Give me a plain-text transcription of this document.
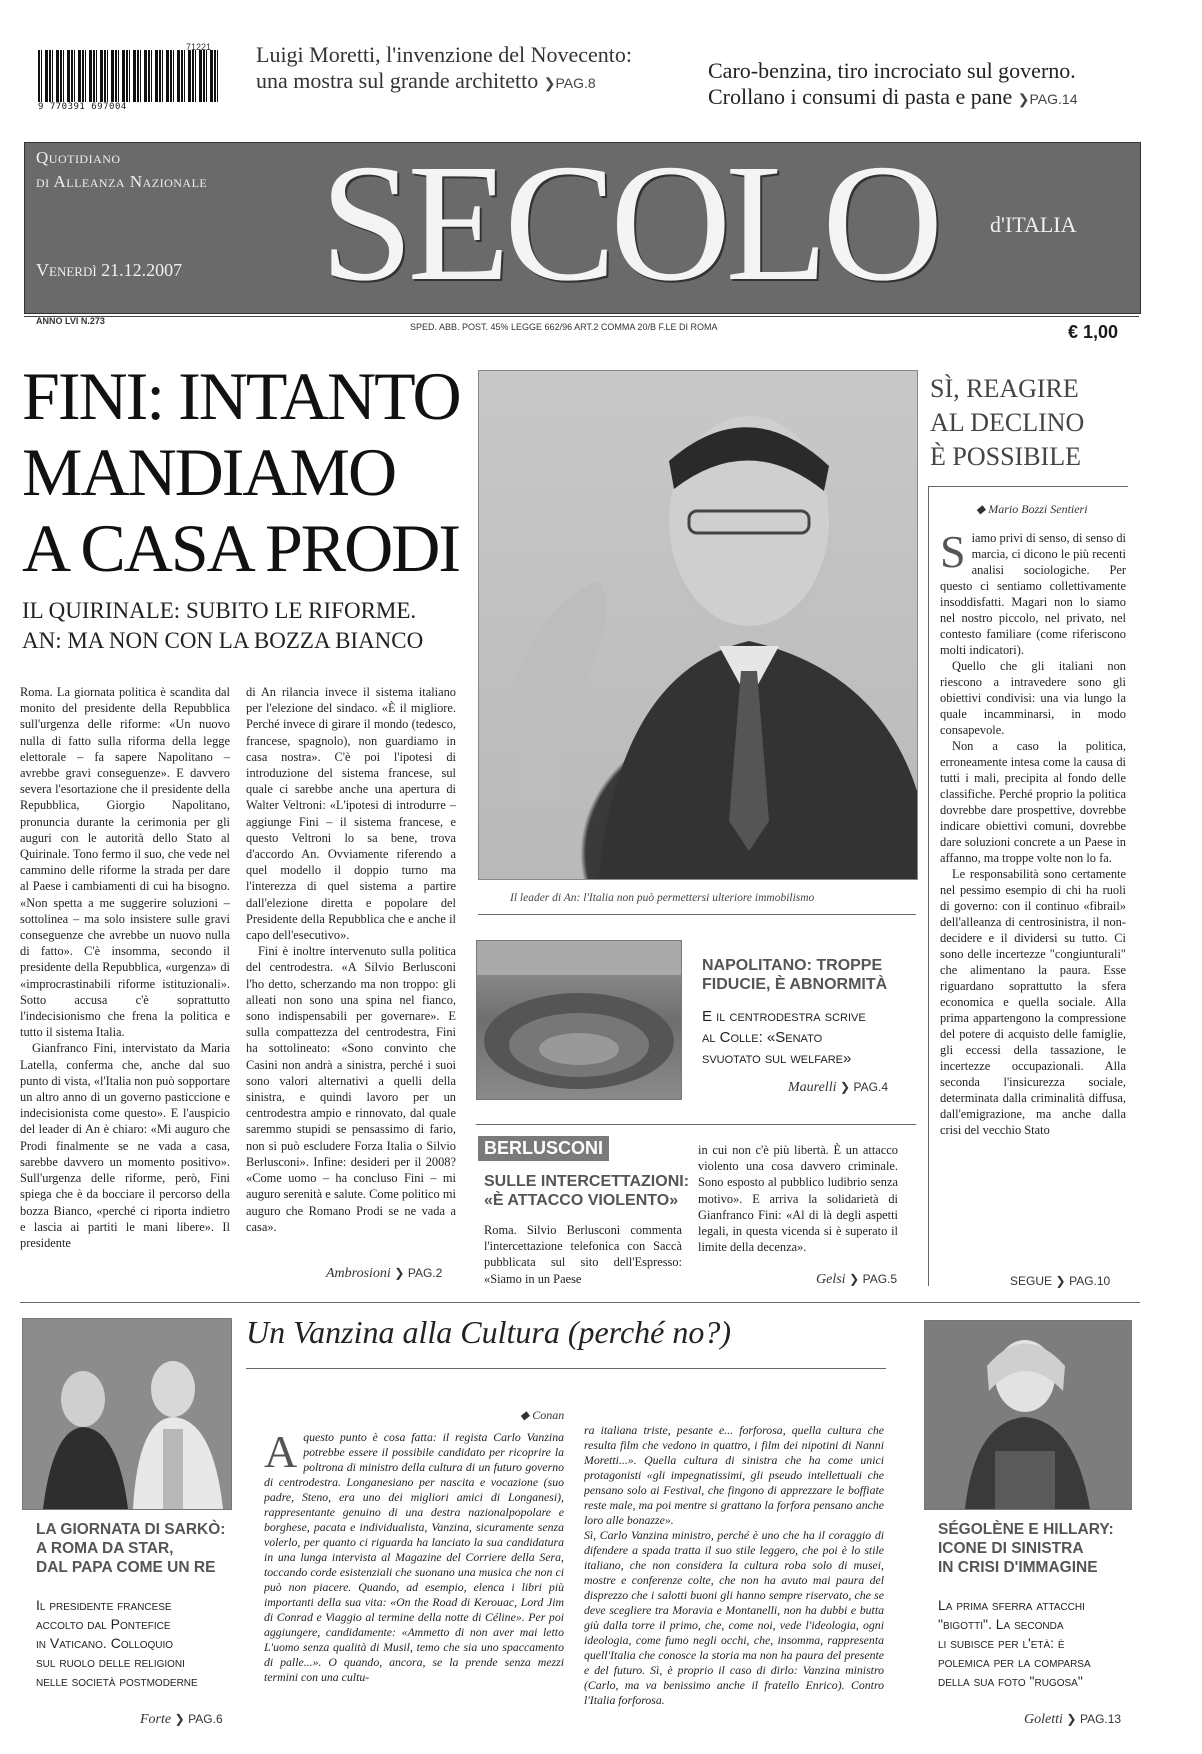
9 770391 697004
71221 Luigi Moretti, l'invenzione del Novecento:
una mostra sul grande architetto ❯PAG.8	Caro-benzina, tiro incrociato sul governo.
Crollano i consumi di pasta e pane ❯PAG.14
Quotidiano
di Alleanza Nazionale
Venerdì 21.12.2007 SECOLO d'ITALIA
ANNO LVI N.273
SPED. ABB. POST. 45% LEGGE 662/96 ART.2 COMMA 20/B F.LE DI ROMA	€ 1,00
FINI: INTANTO
MANDIAMO
A CASA PRODI
IL QUIRINALE: SUBITO LE RIFORME.
AN: MA NON CON LA BOZZA BIANCO

Roma. La giornata politica è scandita dal monito del presidente della Repubblica sull'urgenza delle riforme: «Un nuovo nulla di fatto sulla riforma della legge elettorale – fa sapere Napolitano – avrebbe gravi conseguenze». E davvero severa l'esortazione che il presidente della Repubblica, Giorgio Napolitano, pronuncia durante la cerimonia per gli auguri con le autorità dello Stato al Quirinale. Tono fermo il suo, che vede nel cammino delle riforme la strada per dare al Paese i cambiamenti di cui ha bisogno. «Non spetta a me suggerire soluzioni – sottolinea – ma solo insistere sulle gravi conseguenze che avrebbe un nuovo nulla di fatto». C'è insomma, secondo il presidente della Repubblica, «urgenza» di «improcrastinabili riforme istituzionali». Sotto accusa c'è soprattutto l'indecisionismo che frena la politica e tutto il sistema Italia.

Gianfranco Fini, intervistato da Maria Latella, conferma che, anche dal suo punto di vista, «l'Italia non può sopportare un altro anno di un governo pasticcione e indecisionista come questo». E l'auspicio del leader di An è chiaro: «Mi auguro che Prodi finalmente se ne vada a casa, sarebbe davvero un momento positivo». Sull'urgenza delle riforme, però, Fini spiega che è da bocciare il percorso della bozza Bianco, «perché ci riporta indietro e lascia ai partiti le mani libere». Il presidente

di An rilancia invece il sistema italiano per l'elezione del sindaco. «È il migliore. Perché invece di girare il mondo (tedesco, francese, spagnolo), non guardiamo in casa nostra». C'è poi l'ipotesi di introduzione del sistema francese, sul quale ci sarebbe anche una apertura di Walter Veltroni: «L'ipotesi di introdurre – aggiunge Fini – il sistema francese, e questo Veltroni lo sa bene, trova d'accordo An. Ovviamente riferendo a quel modello il doppio turno ma l'interezza di quel sistema a partire dall'elezione diretta e popolare del Presidente della Repubblica che e anche il capo dell'esecutivo».

Fini è inoltre intervenuto sulla politica del centrodestra. «A Silvio Berlusconi l'ho detto, scherzando ma non troppo: gli alleati non sono una spina nel fianco, sono indispensabili per governare». E sulla compattezza del centrodestra, Fini ha sottolineato: «Sono convinto che Casini non andrà a sinistra, perché i suoi sono valori alternativi a quelli della sinistra, e quindi lavoro per un centrodestra ampio e rinnovato, dal quale saremmo stupidi se pensassimo di fario, non si può escludere Forza Italia o Silvio Berlusconi». Infine: desideri per il 2008? «Come uomo – ha concluso Fini – mi auguro serenità e salute. Come politico mi auguro che Romano Prodi se ne vada a casa».

Ambrosioni ❯ PAG.2
Il leader di An: l'Italia non può permettersi ulteriore immobilismo
SÌ, REAGIRE
AL DECLINO
È POSSIBILE
◆ Mario Bozzi Sentieri

Siamo privi di senso, di senso di marcia, ci dicono le più recenti analisi sociologiche. Per questo ci sentiamo collettivamente insoddisfatti. Magari non lo siamo nel nostro piccolo, nel privato, nel contesto familiare (come riferiscono molti indicatori).

Quello che gli italiani non riescono a intravedere sono gli obiettivi condivisi: una via lungo la quale incamminarsi, in modo consapevole.

Non a caso la politica, erroneamente intesa come la causa di tutti i mali, precipita al fondo delle classifiche. Perché proprio la politica dovrebbe dare prospettive, dovrebbe indicare obiettivi comuni, dovrebbe dare soluzioni concrete a un Paese in affanno, ma troppe volte non lo fa.

Le responsabilità sono certamente nel pessimo esempio di chi ha ruoli di governo: con il continuo «fibrail» dell'alleanza di centrosinistra, il non-decidere e il dividersi su tutto. Ci sono delle incertezze "congiunturali" che alimentano la paura. Esse riguardano soprattutto la sfera economica e quella sociale. Alla prima appartengono la compressione del potere di acquisto delle famiglie, gli eccessi della tassazione, le incertezze occupazionali. Alla seconda l'insicurezza sociale, determinata dalla criminalità diffusa, dall'emigrazione, ma anche dalla crisi del vecchio Stato

SEGUE ❯ PAG.10
NAPOLITANO: TROPPE
FIDUCIE, È ABNORMITÀ
E il centrodestra scrive
al Colle: «Senato
svuotato sul welfare»
Maurelli ❯ PAG.4
BERLUSCONI
SULLE INTERCETTAZIONI:
«È ATTACCO VIOLENTO»

Roma. Silvio Berlusconi commenta l'intercettazione telefonica con Saccà pubblicata sul sito dell'Espresso: «Siamo in un Paese

in cui non c'è più libertà. È un attacco violento una cosa davvero criminale. Sono esposto al pubblico ludibrio senza motivo». E arriva la solidarietà di Gianfranco Fini: «Al di là degli aspetti legali, in questa vicenda si è superato il limite della decenza».

Gelsi ❯ PAG.5
LA GIORNATA DI SARKÒ:
A ROMA DA STAR,
DAL PAPA COME UN RE
Il presidente francese
accolto dal Pontefice
in Vaticano. Colloquio
sul ruolo delle religioni
nelle società postmoderne
Forte ❯ PAG.6
Un Vanzina alla Cultura (perché no?)
◆ Conan

Aquesto punto è cosa fatta: il regista Carlo Vanzina potrebbe essere il possibile candidato per ricoprire la poltrona di ministro della cultura di un futuro governo di centrodestra. Longanesiano per nascita e vocazione (suo padre, Steno, era uno dei migliori amici di Longanesi), rappresentante genuino di una destra nazionalpopolare e borghese, pacata e individualista, Vanzina, sicuramente senza volerlo, per quanto ci riguarda ha lanciato la sua candidatura in una lunga intervista al Magazine del Corriere della Sera, toccando corde esistenziali che suonano una musica che non ci può non piacere. Quando, ad esempio, elenca i libri più importanti della sua vita: «On the Road di Kerouac, Lord Jim di Conrad e Viaggio al termine della notte di Céline». Per poi aggiungere, candidamente: «Ammetto di non aver mai letto L'uomo senza qualità di Musil, temo che sia uno spaccamento di palle...». O quando, ancora, se la prende senza mezzi termini con una cultu-

ra italiana triste, pesante e... forforosa, quella cultura che resulta film che vedono in quattro, i film dei nipotini di Nanni Moretti...». Quella cultura di sinistra che ha come unici protagonisti «gli impegnatissimi, gli pseudo intellettuali che pensano solo ai Festival, che fingono di apprezzare le boffiate reste male, ma poi mentre si grattano la forfora pensano anche loro alle bonazze».
Sì, Carlo Vanzina ministro, perché è uno che ha il coraggio di difendere a spada tratta il suo stile leggero, che poi è lo stile italiano, che non considera la cultura roba solo di musei, mostre e conferenze colte, che non ha avuto mai paura del disprezzo che i salotti buoni gli hanno sempre riservato, che se deve scegliere tra Moravia e Montanelli, non ha dubbi e butta giù dalla torre il primo, che, come noi, vede l'ideologia, ogni ideologia, come fumo negli occhi, che, insomma, rappresenta quell'Italia che conosce la storia ma non ha paura del presente e del futuro. Sì, è proprio il caso di dirlo: Vanzina ministro (Carlo, ma va benissimo anche il fratello Enrico). Contro l'Italia forforosa.

SÉGOLÈNE E HILLARY:
ICONE DI SINISTRA
IN CRISI D'IMMAGINE
La prima sferra attacchi
"bigotti". La seconda
li subisce per l'età: è
polemica per la comparsa
della sua foto "rugosa"
Goletti ❯ PAG.13
